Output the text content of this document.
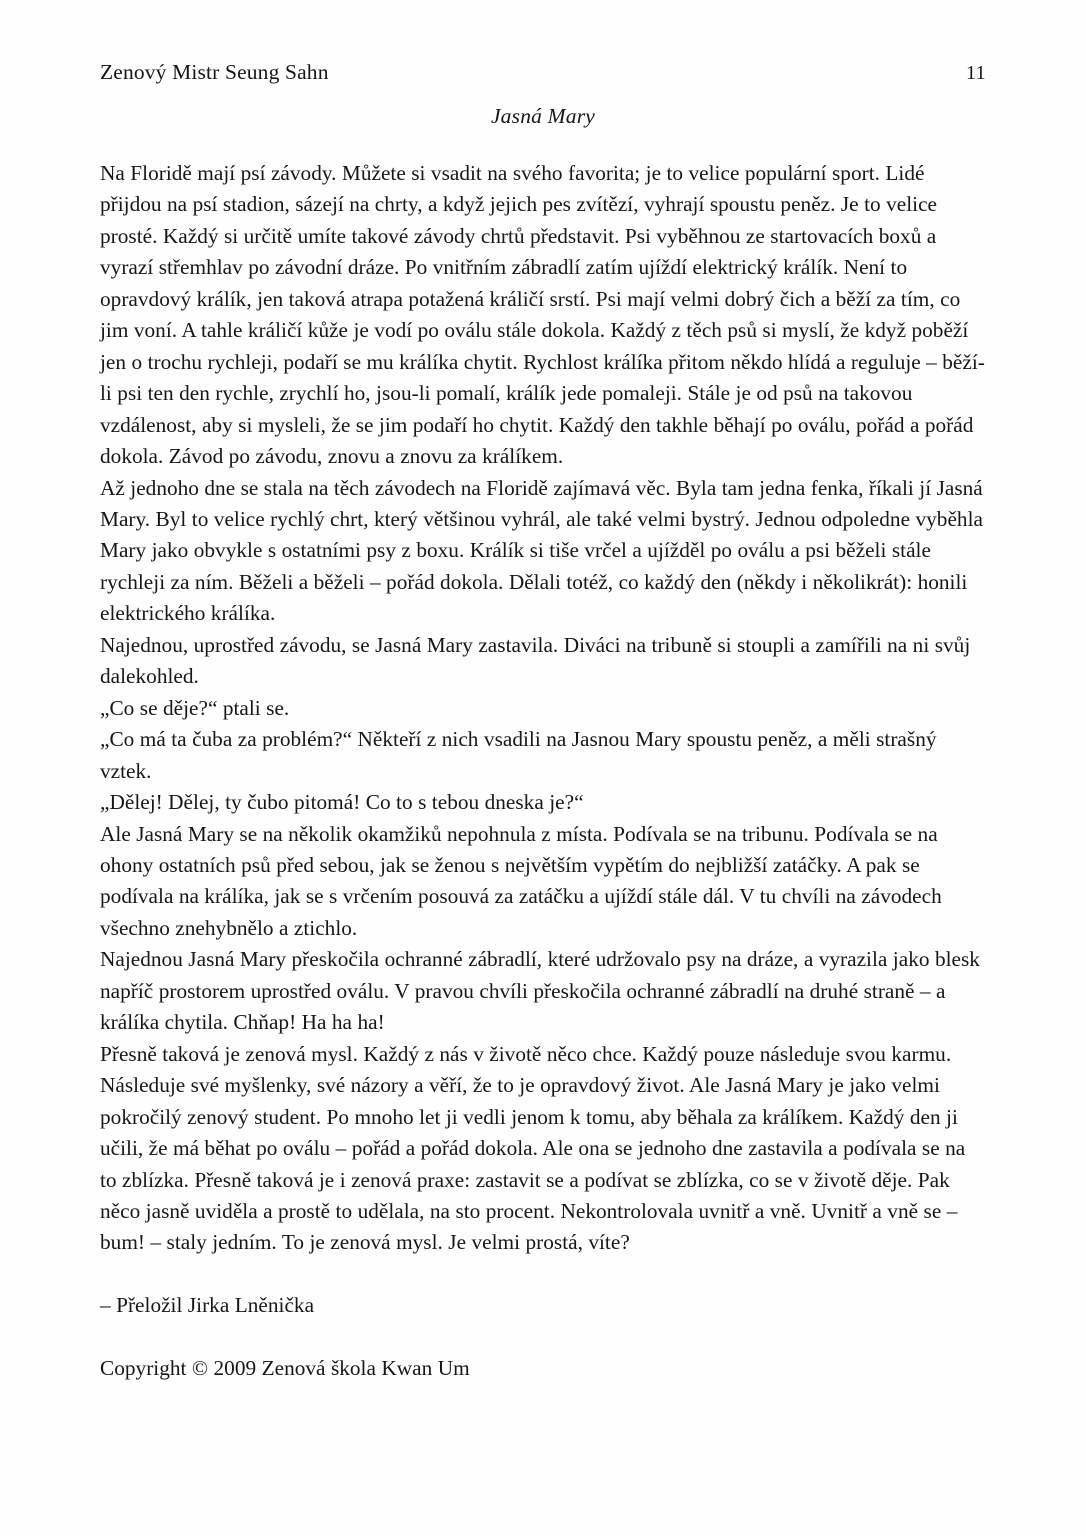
Zenový Mistr Seung Sahn	11
Jasná Mary

Na Floridě mají psí závody. Můžete si vsadit na svého favorita; je to velice populární sport. Lidé přijdou na psí stadion, sázejí na chrty, a když jejich pes zvítězí, vyhrají spoustu peněz. Je to velice prosté. Každý si určitě umíte takové závody chrtů představit. Psi vyběhnou ze startovacích boxů a vyrazí střemhlav po závodní dráze. Po vnitřním zábradlí zatím ujíždí elektrický králík. Není to opravdový králík, jen taková atrapa potažená králičí srstí. Psi mají velmi dobrý čich a běží za tím, co jim voní. A tahle králičí kůže je vodí po oválu stále dokola. Každý z těch psů si myslí, že když poběží jen o trochu rychleji, podaří se mu králíka chytit. Rychlost králíka přitom někdo hlídá a reguluje – běží-li psi ten den rychle, zrychlí ho, jsou-li pomalí, králík jede pomaleji. Stále je od psů na takovou vzdálenost, aby si mysleli, že se jim podaří ho chytit. Každý den takhle běhají po oválu, pořád a pořád dokola. Závod po závodu, znovu a znovu za králíkem.

Až jednoho dne se stala na těch závodech na Floridě zajímavá věc. Byla tam jedna fenka, říkali jí Jasná Mary. Byl to velice rychlý chrt, který většinou vyhrál, ale také velmi bystrý. Jednou odpoledne vyběhla Mary jako obvykle s ostatními psy z boxu. Králík si tiše vrčel a ujížděl po oválu a psi běželi stále rychleji za ním. Běželi a běželi – pořád dokola. Dělali totéž, co každý den (někdy i několikrát): honili elektrického králíka.

Najednou, uprostřed závodu, se Jasná Mary zastavila. Diváci na tribuně si stoupli a zamířili na ni svůj dalekohled.

„Co se děje?“ ptali se.

„Co má ta čuba za problém?“ Někteří z nich vsadili na Jasnou Mary spoustu peněz, a měli strašný vztek.

„Dělej! Dělej, ty čubo pitomá! Co to s tebou dneska je?“

Ale Jasná Mary se na několik okamžiků nepohnula z místa. Podívala se na tribunu. Podívala se na ohony ostatních psů před sebou, jak se ženou s největším vypětím do nejbližší zatáčky. A pak se podívala na králíka, jak se s vrčením posouvá za zatáčku a ujíždí stále dál. V tu chvíli na závodech všechno znehybnělo a ztichlo.

Najednou Jasná Mary přeskočila ochranné zábradlí, které udržovalo psy na dráze, a vyrazila jako blesk napříč prostorem uprostřed oválu. V pravou chvíli přeskočila ochranné zábradlí na druhé straně – a králíka chytila. Chňap! Ha ha ha!

Přesně taková je zenová mysl. Každý z nás v životě něco chce. Každý pouze následuje svou karmu. Následuje své myšlenky, své názory a věří, že to je opravdový život. Ale Jasná Mary je jako velmi pokročilý zenový student. Po mnoho let ji vedli jenom k tomu, aby běhala za králíkem. Každý den ji učili, že má běhat po oválu – pořád a pořád dokola. Ale ona se jednoho dne zastavila a podívala se na to zblízka. Přesně taková je i zenová praxe: zastavit se a podívat se zblízka, co se v životě děje. Pak něco jasně uviděla a prostě to udělala, na sto procent. Nekontrolovala uvnitř a vně. Uvnitř a vně se – bum! – staly jedním. To je zenová mysl. Je velmi prostá, víte?

– Přeložil Jirka Lněnička

Copyright © 2009 Zenová škola Kwan Um
